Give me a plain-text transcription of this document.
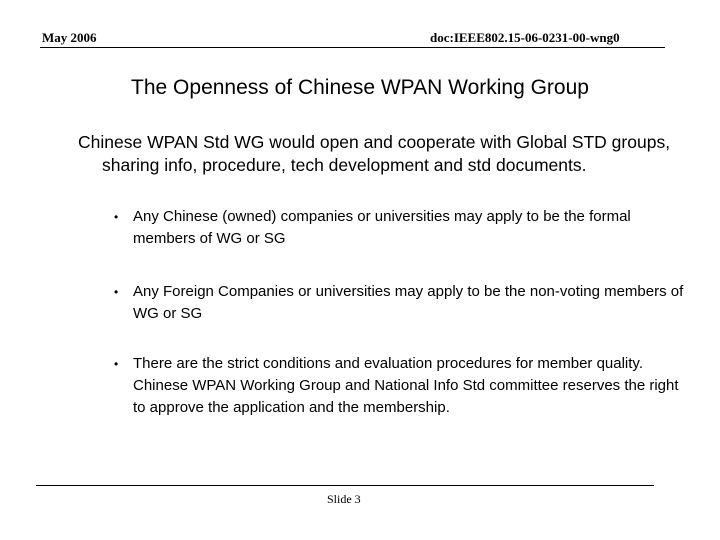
May 2006	doc:IEEE802.15-06-0231-00-wng0
The Openness of Chinese WPAN Working Group
Chinese WPAN Std WG would open and cooperate with Global STD groups, sharing info, procedure, tech development and std documents.
• Any Chinese (owned) companies or universities may apply to be the formal members of WG or SG
• Any Foreign Companies or universities may apply to be the non-voting members of WG or SG
• There are the strict conditions and evaluation procedures for member quality. Chinese WPAN Working Group and National Info Std committee reserves the right to approve the application and the membership.
Slide 3
